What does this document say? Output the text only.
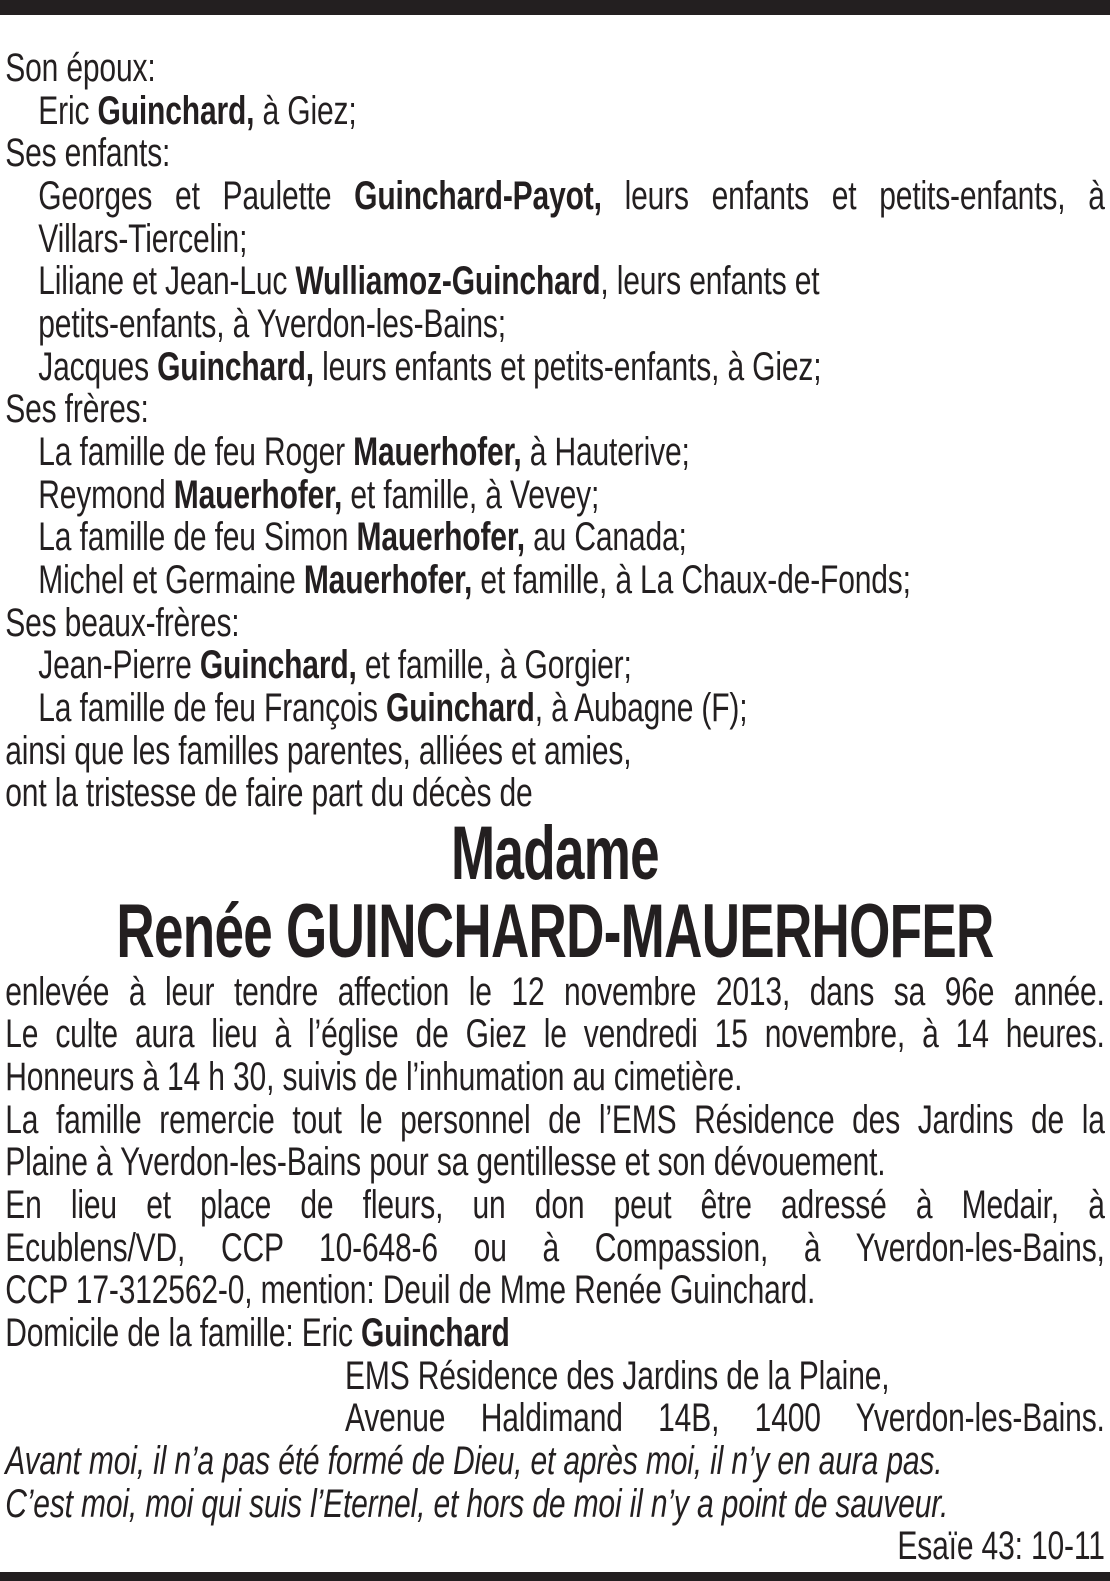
Son époux:
Eric Guinchard, à Giez;
Ses enfants:
Georges et Paulette Guinchard-Payot, leurs enfants et petits-enfants, à
Villars-Tiercelin;
Liliane et Jean-Luc Wulliamoz-Guinchard, leurs enfants et
petits-enfants, à Yverdon-les-Bains;
Jacques Guinchard, leurs enfants et petits-enfants, à Giez;
Ses frères:
La famille de feu Roger Mauerhofer, à Hauterive;
Reymond Mauerhofer, et famille, à Vevey;
La famille de feu Simon Mauerhofer, au Canada;
Michel et Germaine Mauerhofer, et famille, à La Chaux-de-Fonds;
Ses beaux-frères:
Jean-Pierre Guinchard, et famille, à Gorgier;
La famille de feu François Guinchard, à Aubagne (F);
ainsi que les familles parentes, alliées et amies,
ont la tristesse de faire part du décès de
Madame
Renée GUINCHARD-MAUERHOFER
enlevée à leur tendre affection le 12 novembre 2013, dans sa 96e année.
Le culte aura lieu à l’église de Giez le vendredi 15 novembre, à 14 heures.
Honneurs à 14 h 30, suivis de l’inhumation au cimetière.
La famille remercie tout le personnel de l’EMS Résidence des Jardins de la
Plaine à Yverdon-les-Bains pour sa gentillesse et son dévouement.
En lieu et place de fleurs, un don peut être adressé à Medair, à
Ecublens/VD, CCP 10-648-6 ou à Compassion, à Yverdon-les-Bains,
CCP 17-312562-0, mention: Deuil de Mme Renée Guinchard.
Domicile de la famille: Eric Guinchard
EMS Résidence des Jardins de la Plaine,
Avenue Haldimand 14B, 1400 Yverdon-les-Bains.
Avant moi, il n’a pas été formé de Dieu, et après moi, il n’y en aura pas.
C’est moi, moi qui suis l’Eternel, et hors de moi il n’y a point de sauveur.
Esaïe 43: 10-11
